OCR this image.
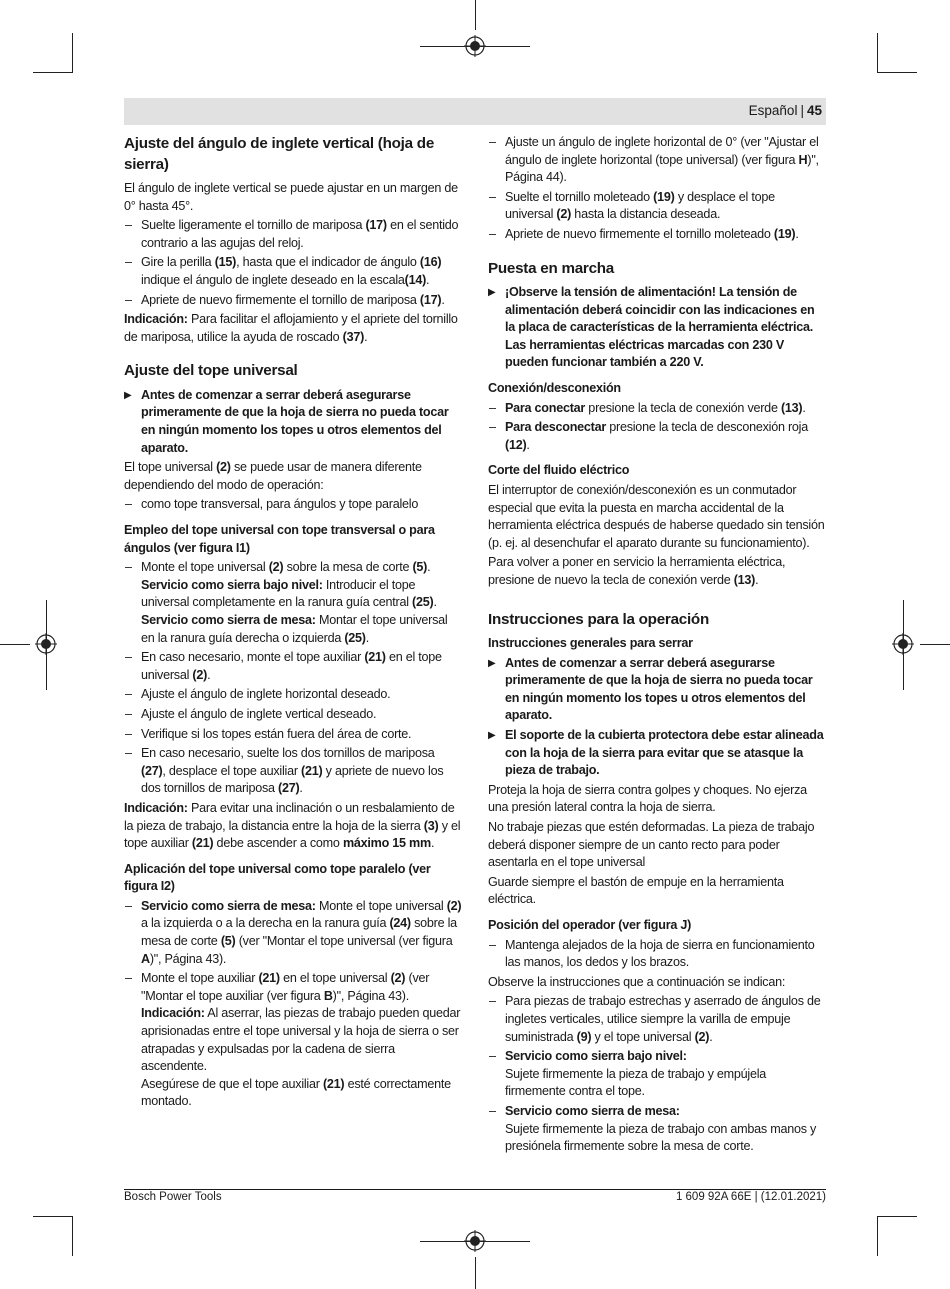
Español | 45
Ajuste del ángulo de inglete vertical (hoja de sierra)

El ángulo de inglete vertical se puede ajustar en un margen de 0° hasta 45°.

– Suelte ligeramente el tornillo de mariposa (17) en el sentido contrario a las agujas del reloj.
– Gire la perilla (15), hasta que el indicador de ángulo (16) indique el ángulo de inglete deseado en la escala(14).
– Apriete de nuevo firmemente el tornillo de mariposa (17).

Indicación: Para facilitar el aflojamiento y el apriete del tornillo de mariposa, utilice la ayuda de roscado (37).

Ajuste del tope universal
▶ Antes de comenzar a serrar deberá asegurarse primeramente de que la hoja de sierra no pueda tocar en ningún momento los topes u otros elementos del aparato.

El tope universal (2) se puede usar de manera diferente dependiendo del modo de operación:

– como tope transversal, para ángulos y tope paralelo
Empleo del tope universal con tope transversal o para ángulos (ver figura I1)
– Monte el tope universal (2) sobre la mesa de corte (5).
Servicio como sierra bajo nivel: Introducir el tope universal completamente en la ranura guía central (25).
Servicio como sierra de mesa: Montar el tope universal en la ranura guía derecha o izquierda (25).
– En caso necesario, monte el tope auxiliar (21) en el tope universal (2).
– Ajuste el ángulo de inglete horizontal deseado.
– Ajuste el ángulo de inglete vertical deseado.
– Verifique si los topes están fuera del área de corte.
– En caso necesario, suelte los dos tornillos de mariposa (27), desplace el tope auxiliar (21) y apriete de nuevo los dos tornillos de mariposa (27).

Indicación: Para evitar una inclinación o un resbalamiento de la pieza de trabajo, la distancia entre la hoja de la sierra (3) y el tope auxiliar (21) debe ascender a como máximo 15 mm.

Aplicación del tope universal como tope paralelo (ver figura I2)
– Servicio como sierra de mesa: Monte el tope universal (2) a la izquierda o a la derecha en la ranura guía (24) sobre la mesa de corte (5) (ver "Montar el tope universal (ver figura A)", Página 43).
– Monte el tope auxiliar (21) en el tope universal (2) (ver "Montar el tope auxiliar (ver figura B)", Página 43).
Indicación: Al aserrar, las piezas de trabajo pueden quedar aprisionadas entre el tope universal y la hoja de sierra o ser atrapadas y expulsadas por la cadena de sierra ascendente.
Asegúrese de que el tope auxiliar (21) esté correctamente montado.
– Ajuste un ángulo de inglete horizontal de 0° (ver "Ajustar el ángulo de inglete horizontal (tope universal) (ver figura H)", Página 44).
– Suelte el tornillo moleteado (19) y desplace el tope universal (2) hasta la distancia deseada.
– Apriete de nuevo firmemente el tornillo moleteado (19).
Puesta en marcha
▶ ¡Observe la tensión de alimentación! La tensión de alimentación deberá coincidir con las indicaciones en la placa de características de la herramienta eléctrica. Las herramientas eléctricas marcadas con 230 V pueden funcionar también a 220 V.
Conexión/desconexión
– Para conectar presione la tecla de conexión verde (13).
– Para desconectar presione la tecla de desconexión roja (12).
Corte del fluido eléctrico

El interruptor de conexión/desconexión es un conmutador especial que evita la puesta en marcha accidental de la herramienta eléctrica después de haberse quedado sin tensión (p. ej. al desenchufar el aparato durante su funcionamiento).

Para volver a poner en servicio la herramienta eléctrica, presione de nuevo la tecla de conexión verde (13).

Instrucciones para la operación
Instrucciones generales para serrar
▶ Antes de comenzar a serrar deberá asegurarse primeramente de que la hoja de sierra no pueda tocar en ningún momento los topes u otros elementos del aparato.
▶ El soporte de la cubierta protectora debe estar alineada con la hoja de la sierra para evitar que se atasque la pieza de trabajo.

Proteja la hoja de sierra contra golpes y choques. No ejerza una presión lateral contra la hoja de sierra.

No trabaje piezas que estén deformadas. La pieza de trabajo deberá disponer siempre de un canto recto para poder asentarla en el tope universal

Guarde siempre el bastón de empuje en la herramienta eléctrica.

Posición del operador (ver figura J)
– Mantenga alejados de la hoja de sierra en funcionamiento las manos, los dedos y los brazos.

Observe la instrucciones que a continuación se indican:

– Para piezas de trabajo estrechas y aserrado de ángulos de ingletes verticales, utilice siempre la varilla de empuje suministrada (9) y el tope universal (2).
– Servicio como sierra bajo nivel:
Sujete firmemente la pieza de trabajo y empújela firmemente contra el tope.
– Servicio como sierra de mesa:
Sujete firmemente la pieza de trabajo con ambas manos y presiónela firmemente sobre la mesa de corte.
Bosch Power Tools	1 609 92A 66E | (12.01.2021)
